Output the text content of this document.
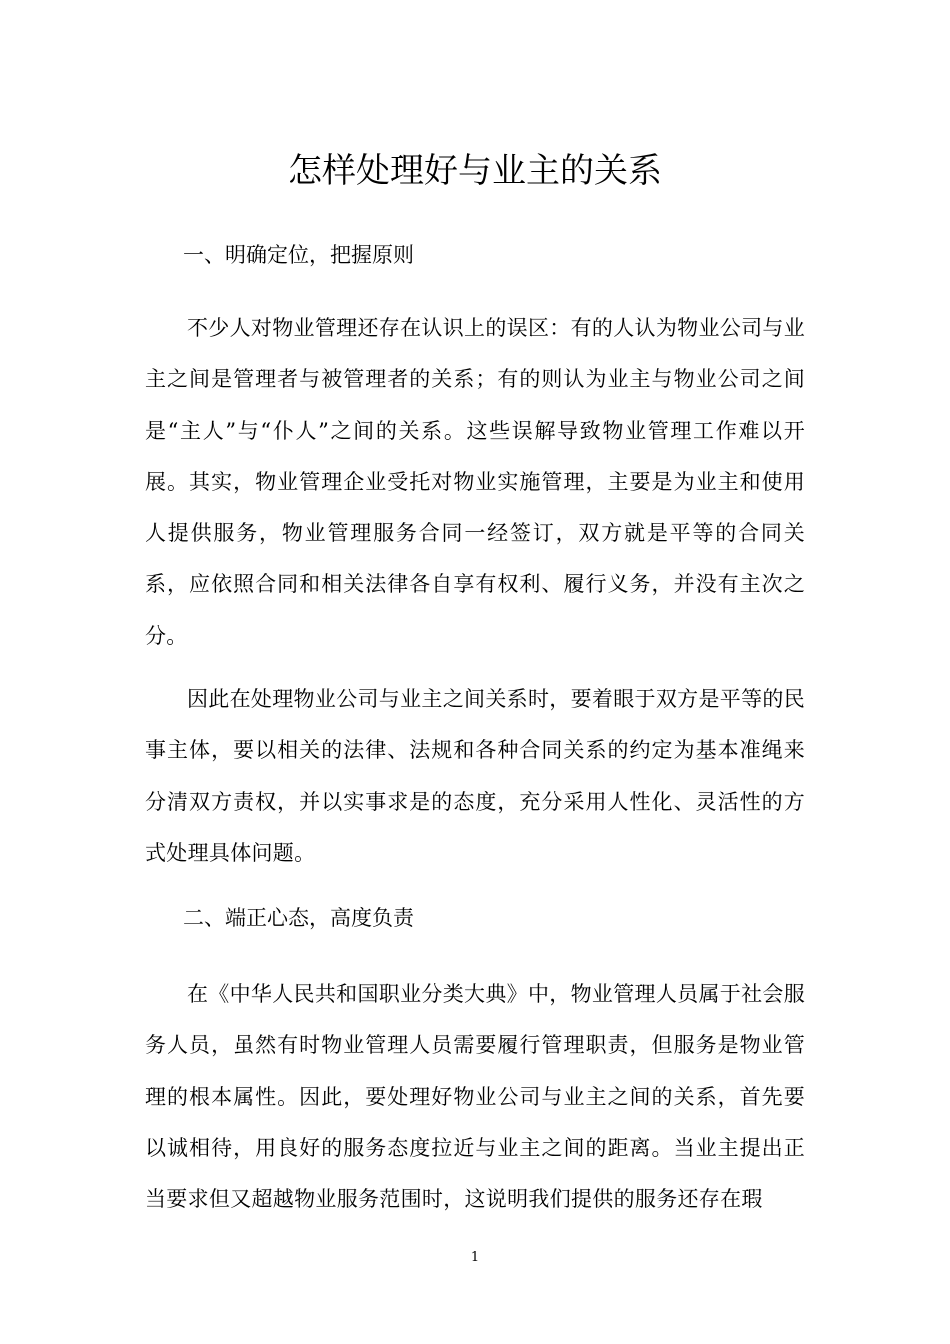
怎样处理好与业主的关系
一、明确定位，把握原则
不少人对物业管理还存在认识上的误区：有的人认为物业公司与业主之间是管理者与被管理者的关系；有的则认为业主与物业公司之间是“主人”与“仆人”之间的关系。这些误解导致物业管理工作难以开展。其实，物业管理企业受托对物业实施管理，主要是为业主和使用人提供服务，物业管理服务合同一经签订，双方就是平等的合同关系，应依照合同和相关法律各自享有权利、履行义务，并没有主次之分。
因此在处理物业公司与业主之间关系时，要着眼于双方是平等的民事主体，要以相关的法律、法规和各种合同关系的约定为基本准绳来分清双方责权，并以实事求是的态度，充分采用人性化、灵活性的方式处理具体问题。
二、端正心态，高度负责
在《中华人民共和国职业分类大典》中，物业管理人员属于社会服务人员，虽然有时物业管理人员需要履行管理职责，但服务是物业管理的根本属性。因此，要处理好物业公司与业主之间的关系，首先要以诚相待，用良好的服务态度拉近与业主之间的距离。当业主提出正当要求但又超越物业服务范围时，这说明我们提供的服务还存在瑕
1
